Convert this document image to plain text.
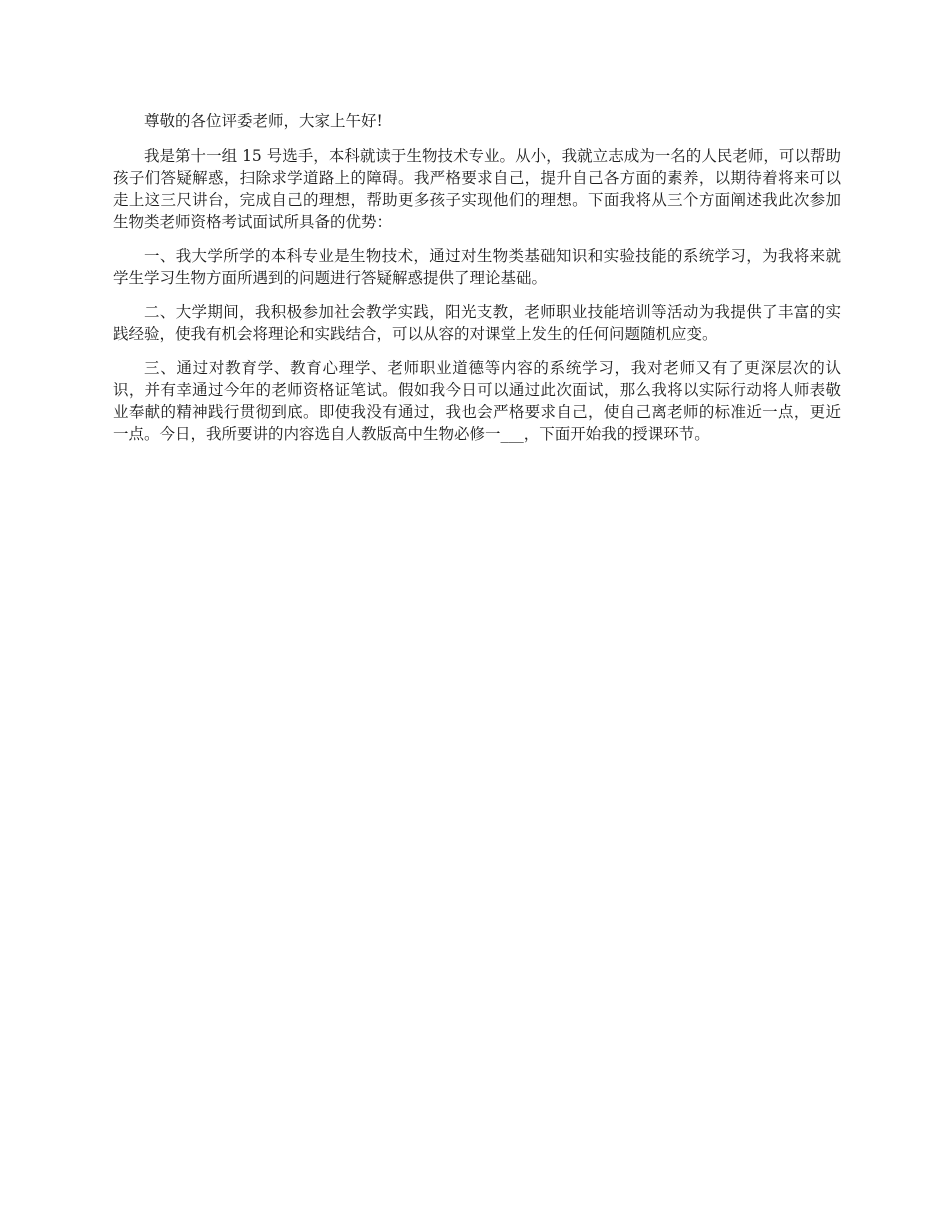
尊敬的各位评委老师，大家上午好!

我是第十一组 15 号选手，本科就读于生物技术专业。从小，我就立志成为一名的人民老师，可以帮助孩子们答疑解惑，扫除求学道路上的障碍。我严格要求自己，提升自己各方面的素养，以期待着将来可以走上这三尺讲台，完成自己的理想，帮助更多孩子实现他们的理想。下面我将从三个方面阐述我此次参加生物类老师资格考试面试所具备的优势：

一、我大学所学的本科专业是生物技术，通过对生物类基础知识和实验技能的系统学习，为我将来就学生学习生物方面所遇到的问题进行答疑解惑提供了理论基础。

二、大学期间，我积极参加社会教学实践，阳光支教，老师职业技能培训等活动为我提供了丰富的实践经验，使我有机会将理论和实践结合，可以从容的对课堂上发生的任何问题随机应变。

三、通过对教育学、教育心理学、老师职业道德等内容的系统学习，我对老师又有了更深层次的认识，并有幸通过今年的老师资格证笔试。假如我今日可以通过此次面试，那么我将以实际行动将人师表敬业奉献的精神践行贯彻到底。即使我没有通过，我也会严格要求自己，使自己离老师的标准近一点，更近一点。今日，我所要讲的内容选自人教版高中生物必修一___，下面开始我的授课环节。
